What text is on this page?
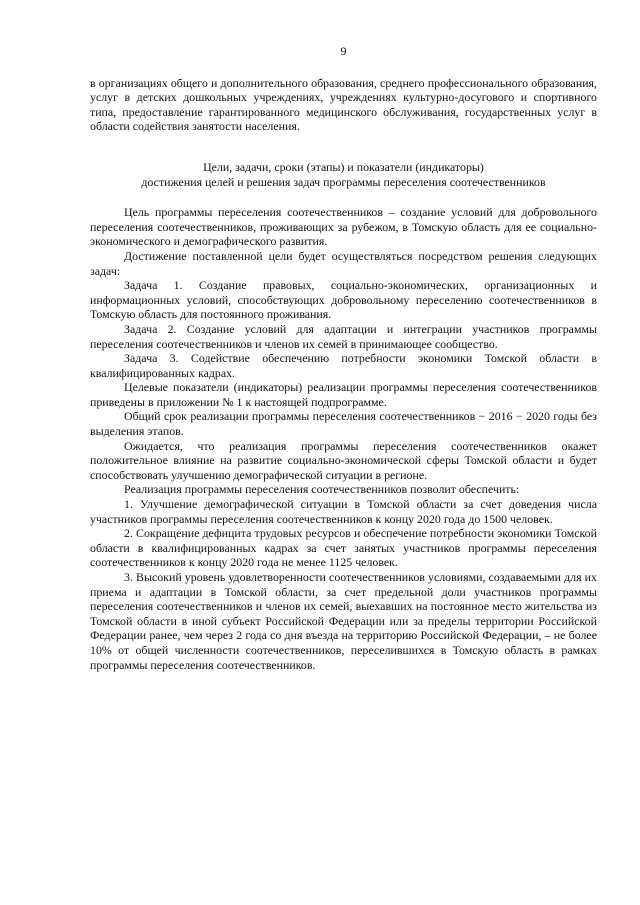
9

в организациях общего и дополнительного образования, среднего профессионального образования, услуг в детских дошкольных учреждениях, учреждениях культурно-досугового и спортивного типа, предоставление гарантированного медицинского обслуживания, государственных услуг в области содействия занятости населения.

Цели, задачи, сроки (этапы) и показатели (индикаторы)
достижения целей и решения задач программы переселения соотечественников

Цель программы переселения соотечественников – создание условий для добровольного переселения соотечественников, проживающих за рубежом, в Томскую область для ее социально-экономического и демографического развития.

Достижение поставленной цели будет осуществляться посредством решения следующих задач:

Задача 1. Создание правовых, социально-экономических, организационных и информационных условий, способствующих добровольному переселению соотечественников в Томскую область для постоянного проживания.

Задача 2. Создание условий для адаптации и интеграции участников программы переселения соотечественников и членов их семей в принимающее сообщество.

Задача 3. Содействие обеспечению потребности экономики Томской области в квалифицированных кадрах.

Целевые показатели (индикаторы) реализации программы переселения соотечественников приведены в приложении № 1 к настоящей подпрограмме.

Общий срок реализации программы переселения соотечественников − 2016 − 2020 годы без выделения этапов.

Ожидается, что реализация программы переселения соотечественников окажет положительное влияние на развитие социально-экономической сферы Томской области и будет способствовать улучшению демографической ситуации в регионе.

Реализация программы переселения соотечественников позволит обеспечить:

1. Улучшение демографической ситуации в Томской области за счет доведения числа участников программы переселения соотечественников к концу 2020 года до 1500 человек.

2. Сокращение дефицита трудовых ресурсов и обеспечение потребности экономики Томской области в квалифицированных кадрах за счет занятых участников программы переселения соотечественников к концу 2020 года не менее 1125 человек.

3. Высокий уровень удовлетворенности соотечественников условиями, создаваемыми для их приема и адаптации в Томской области, за счет предельной доли участников программы переселения соотечественников и членов их семей, выехавших на постоянное место жительства из Томской области в иной субъект Российской Федерации или за пределы территории Российской Федерации ранее, чем через 2 года со дня въезда на территорию Российской Федерации, – не более 10% от общей численности соотечественников, переселившихся в Томскую область в рамках программы переселения соотечественников.
